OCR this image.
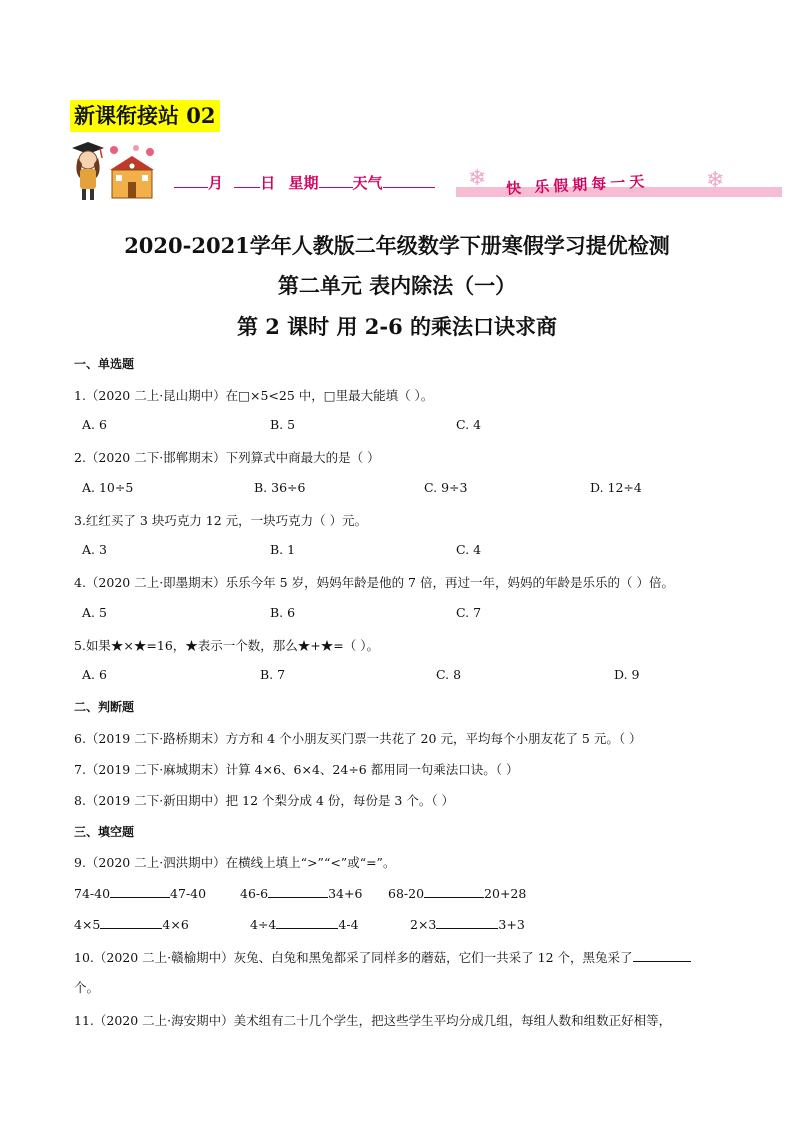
新课衔接站 02
月 日 星期 天气	❄ 快 乐假期每一天	❄
2020-2021学年人教版二年级数学下册寒假学习提优检测
第二单元 表内除法（一）
第 2 课时 用 2-6 的乘法口诀求商
一、单选题
1.（2020 二上·昆山期中）在□×5<25 中，□里最大能填（ ）。
A. 6	B. 5	C. 4
2.（2020 二下·邯郸期末）下列算式中商最大的是（ ）
A. 10÷5	B. 36÷6	C. 9÷3	D. 12÷4
3.红红买了 3 块巧克力 12 元，一块巧克力（ ）元。
A. 3	B. 1	C. 4
4.（2020 二上·即墨期末）乐乐今年 5 岁，妈妈年龄是他的 7 倍，再过一年，妈妈的年龄是乐乐的（ ）倍。
A. 5	B. 6	C. 7
5.如果★×★=16，★表示一个数，那么★+★=（ ）。
A. 6	B. 7	C. 8	D. 9
二、判断题
6.（2019 二下·路桥期末）方方和 4 个小朋友买门票一共花了 20 元，平均每个小朋友花了 5 元。（ ）
7.（2019 二下·麻城期末）计算 4×6、6×4、24÷6 都用同一句乘法口诀。（ ）
8.（2019 二下·新田期中）把 12 个梨分成 4 份，每份是 3 个。（ ）
三、填空题
9.（2020 二上·泗洪期中）在横线上填上“>”“<”或“=”。
74-40	47-40	46-6	34+6 68-20	20+28
4×5	4×6	4÷4	4-4	2×3	3+3
10.（2020 二上·赣榆期中）灰兔、白兔和黑兔都采了同样多的蘑菇，它们一共采了 12 个，黑兔采了
个。
11.（2020 二上·海安期中）美术组有二十几个学生，把这些学生平均分成几组，每组人数和组数正好相等，
